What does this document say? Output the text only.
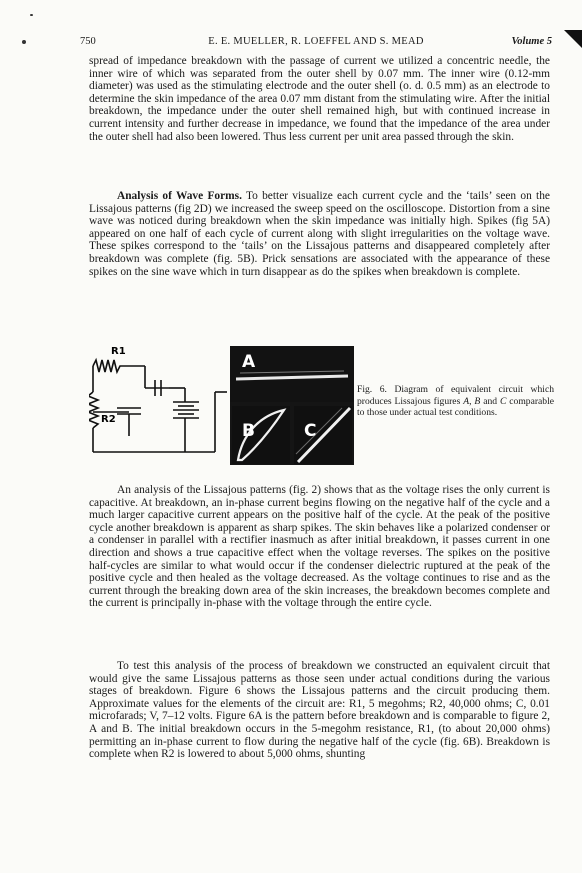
750	E. E. MUELLER, R. LOEFFEL AND S. MEAD	Volume 5

spread of impedance breakdown with the passage of current we utilized a concentric needle, the inner wire of which was separated from the outer shell by 0.07 mm. The inner wire (0.12-mm diameter) was used as the stimulating electrode and the outer shell (o. d. 0.5 mm) as an electrode to determine the skin impedance of the area 0.07 mm distant from the stimulating wire. After the initial breakdown, the impedance under the outer shell remained high, but with continued increase in current intensity and further decrease in impedance, we found that the impedance of the area under the outer shell had also been lowered. Thus less current per unit area passed through the skin.

Analysis of Wave Forms. To better visualize each current cycle and the ‘tails’ seen on the Lissajous patterns (fig 2D) we increased the sweep speed on the oscilloscope. Distortion from a sine wave was noticed during breakdown when the skin impedance was initially high. Spikes (fig 5A) appeared on one half of each cycle of current along with slight irregularities on the voltage wave. These spikes correspond to the ‘tails’ on the Lissajous patterns and disappeared completely after breakdown was complete (fig. 5B). Prick sensations are associated with the appearance of these spikes on the sine wave which in turn disappear as do the spikes when breakdown is complete.

R1
R2
A
B	C

Fig. 6. Diagram of equivalent circuit which produces Lissajous figures A, B and C comparable to those under actual test conditions.

An analysis of the Lissajous patterns (fig. 2) shows that as the voltage rises the only current is capacitive. At breakdown, an in-phase current begins flowing on the negative half of the cycle and a much larger capacitive current appears on the positive half of the cycle. At the peak of the positive cycle another breakdown is apparent as sharp spikes. The skin behaves like a polarized condenser or a condenser in parallel with a rectifier inasmuch as after initial breakdown, it passes current in one direction and shows a true capacitive effect when the voltage reverses. The spikes on the positive half-cycles are similar to what would occur if the condenser dielectric ruptured at the peak of the positive cycle and then healed as the voltage decreased. As the voltage continues to rise and as the current through the breaking down area of the skin increases, the breakdown becomes complete and the current is principally in-phase with the voltage through the entire cycle.

To test this analysis of the process of breakdown we constructed an equivalent circuit that would give the same Lissajous patterns as those seen under actual conditions during the various stages of breakdown. Figure 6 shows the Lissajous patterns and the circuit producing them. Approximate values for the elements of the circuit are: R1, 5 megohms; R2, 40,000 ohms; C, 0.01 microfarads; V, 7–12 volts. Figure 6A is the pattern before breakdown and is comparable to figure 2, A and B. The initial breakdown occurs in the 5-megohm resistance, R1, (to about 20,000 ohms) permitting an in-phase current to flow during the negative half of the cycle (fig. 6B). Breakdown is complete when R2 is lowered to about 5,000 ohms, shunting
